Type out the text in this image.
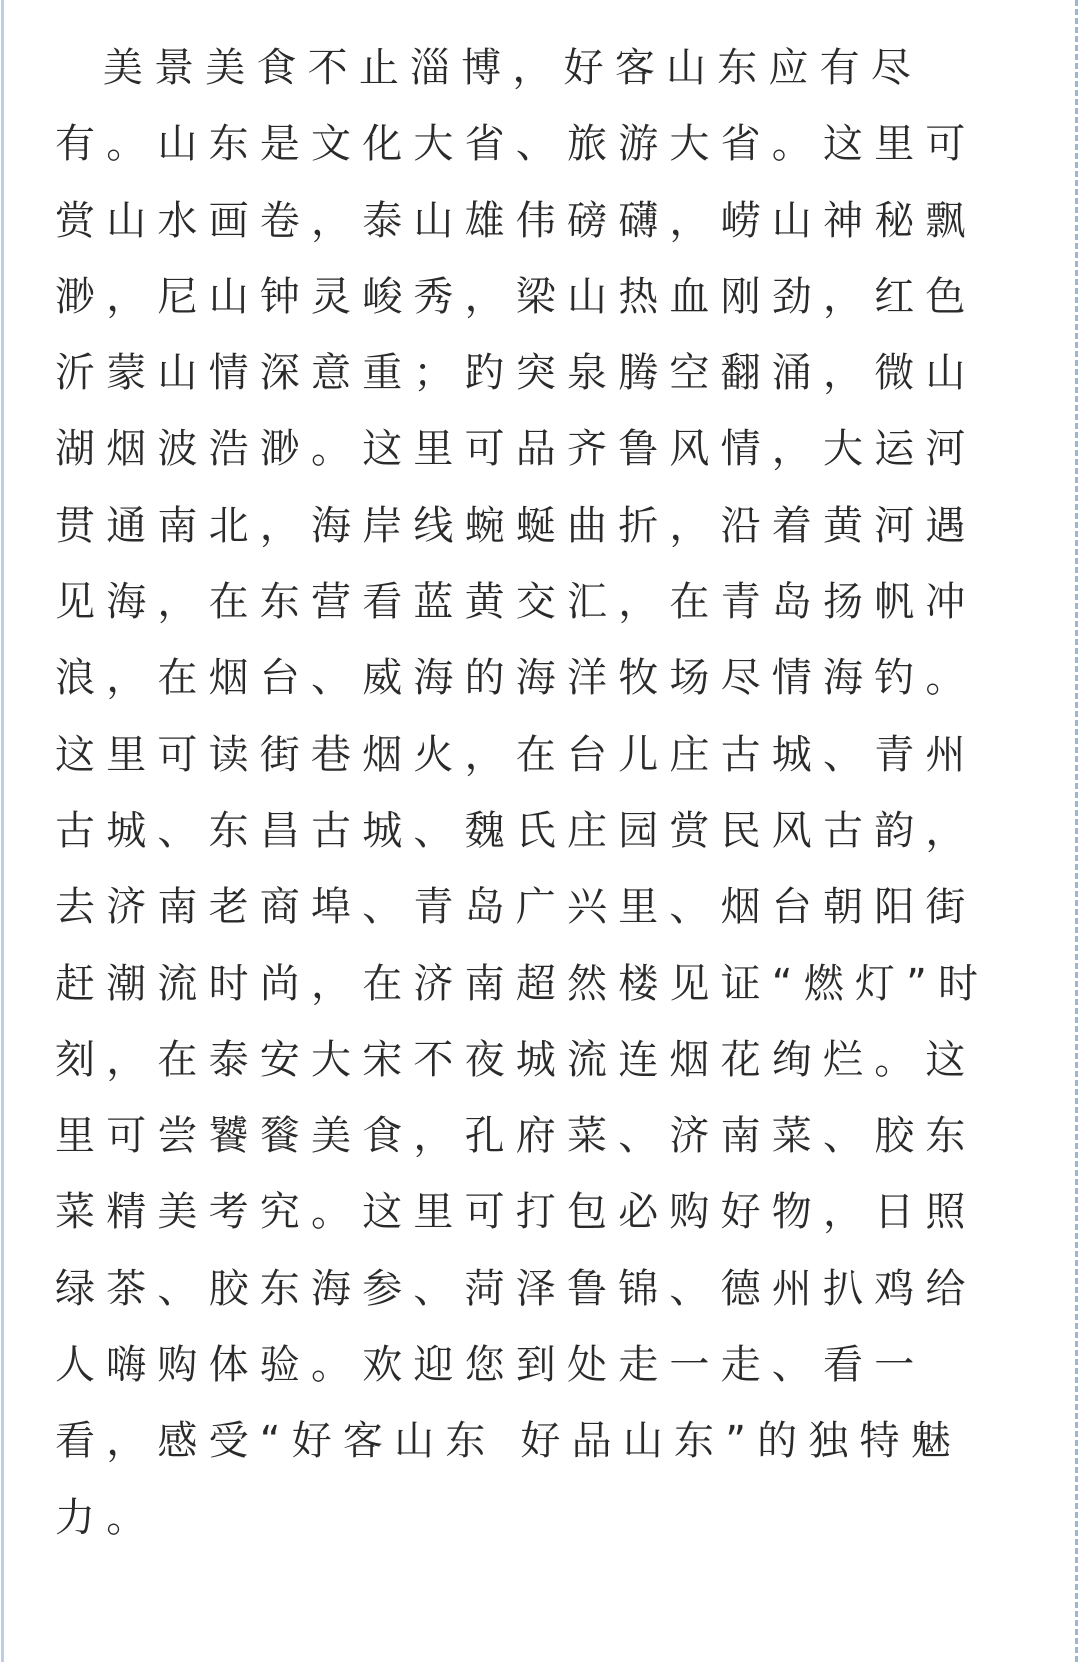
美景美食不止淄博，好客山东应有尽
有。山东是文化大省、旅游大省。这里可
赏山水画卷，泰山雄伟磅礴，崂山神秘飘
渺，尼山钟灵峻秀，梁山热血刚劲，红色
沂蒙山情深意重；趵突泉腾空翻涌，微山
湖烟波浩渺。这里可品齐鲁风情，大运河
贯通南北，海岸线蜿蜒曲折，沿着黄河遇
见海，在东营看蓝黄交汇，在青岛扬帆冲
浪，在烟台、威海的海洋牧场尽情海钓。
这里可读街巷烟火，在台儿庄古城、青州
古城、东昌古城、魏氏庄园赏民风古韵，
去济南老商埠、青岛广兴里、烟台朝阳街
赶潮流时尚，在济南超然楼见证“燃灯”时
刻，在泰安大宋不夜城流连烟花绚烂。这
里可尝饕餮美食，孔府菜、济南菜、胶东
菜精美考究。这里可打包必购好物，日照
绿茶、胶东海参、菏泽鲁锦、德州扒鸡给
人嗨购体验。欢迎您到处走一走、看一
看，感受“好客山东 好品山东”的独特魅
力。
